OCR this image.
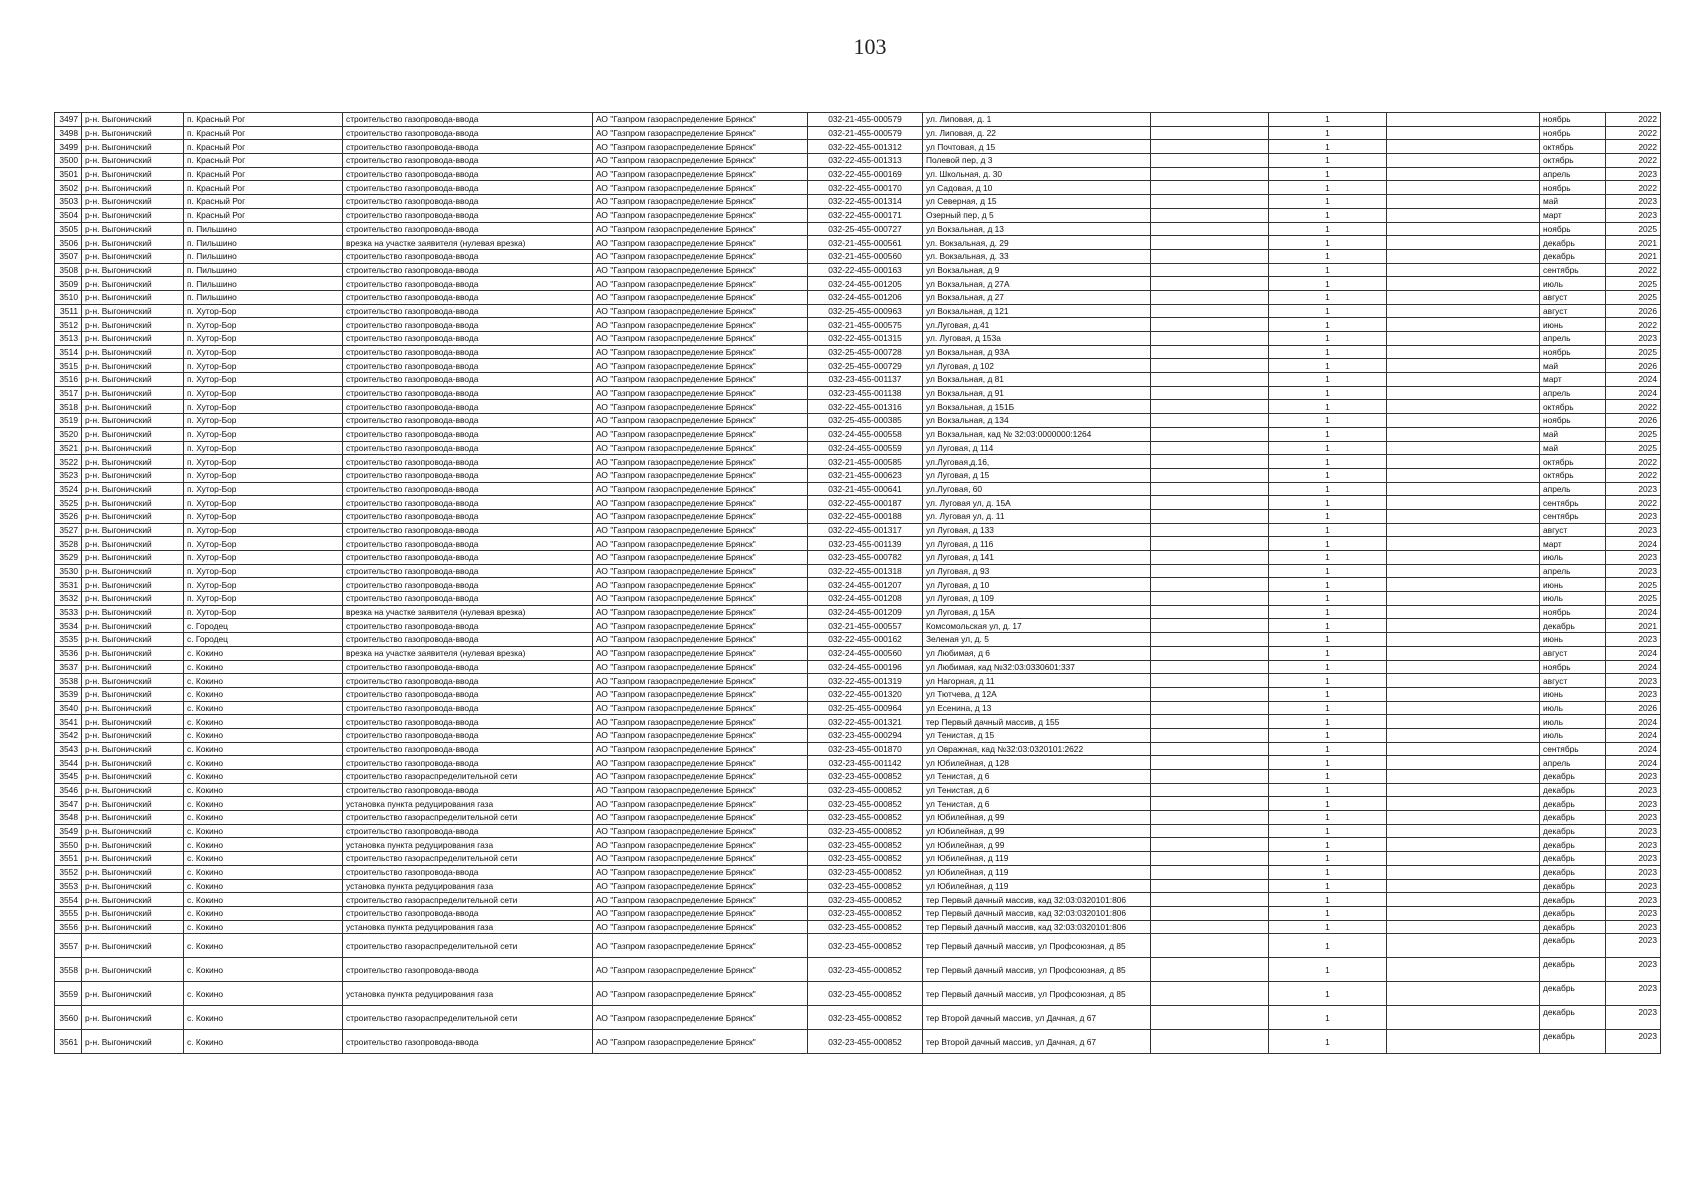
103
3497	р-н. Выгоничский	п. Красный Рог	строительство газопровода-ввода	АО "Газпром газораспределение Брянск"	032-21-455-000579	ул. Липовая, д. 1		1		ноябрь	2022
3498	р-н. Выгоничский	п. Красный Рог	строительство газопровода-ввода	АО "Газпром газораспределение Брянск"	032-21-455-000579	ул. Липовая, д. 22		1		ноябрь	2022
3499	р-н. Выгоничский	п. Красный Рог	строительство газопровода-ввода	АО "Газпром газораспределение Брянск"	032-22-455-001312	ул Почтовая, д 15		1		октябрь	2022
3500	р-н. Выгоничский	п. Красный Рог	строительство газопровода-ввода	АО "Газпром газораспределение Брянск"	032-22-455-001313	Полевой пер, д 3		1		октябрь	2022
3501	р-н. Выгоничский	п. Красный Рог	строительство газопровода-ввода	АО "Газпром газораспределение Брянск"	032-22-455-000169	ул. Школьная, д. 30		1		апрель	2023
3502	р-н. Выгоничский	п. Красный Рог	строительство газопровода-ввода	АО "Газпром газораспределение Брянск"	032-22-455-000170	ул Садовая, д 10		1		ноябрь	2022
3503	р-н. Выгоничский	п. Красный Рог	строительство газопровода-ввода	АО "Газпром газораспределение Брянск"	032-22-455-001314	ул Северная, д 15		1		май	2023
3504	р-н. Выгоничский	п. Красный Рог	строительство газопровода-ввода	АО "Газпром газораспределение Брянск"	032-22-455-000171	Озерный пер, д 5		1		март	2023
3505	р-н. Выгоничский	п. Пильшино	строительство газопровода-ввода	АО "Газпром газораспределение Брянск"	032-25-455-000727	ул Вокзальная, д 13		1		ноябрь	2025
3506	р-н. Выгоничский	п. Пильшино	врезка на участке заявителя (нулевая врезка)	АО "Газпром газораспределение Брянск"	032-21-455-000561	ул. Вокзальная, д. 29		1		декабрь	2021
3507	р-н. Выгоничский	п. Пильшино	строительство газопровода-ввода	АО "Газпром газораспределение Брянск"	032-21-455-000560	ул. Вокзальная, д. 33		1		декабрь	2021
3508	р-н. Выгоничский	п. Пильшино	строительство газопровода-ввода	АО "Газпром газораспределение Брянск"	032-22-455-000163	ул Вокзальная, д 9		1		сентябрь	2022
3509	р-н. Выгоничский	п. Пильшино	строительство газопровода-ввода	АО "Газпром газораспределение Брянск"	032-24-455-001205	ул Вокзальная, д 27А		1		июль	2025
3510	р-н. Выгоничский	п. Пильшино	строительство газопровода-ввода	АО "Газпром газораспределение Брянск"	032-24-455-001206	ул Вокзальная, д 27		1		август	2025
3511	р-н. Выгоничский	п. Хутор-Бор	строительство газопровода-ввода	АО "Газпром газораспределение Брянск"	032-25-455-000963	ул Вокзальная, д 121		1		август	2026
3512	р-н. Выгоничский	п. Хутор-Бор	строительство газопровода-ввода	АО "Газпром газораспределение Брянск"	032-21-455-000575	ул.Луговая, д.41		1		июнь	2022
3513	р-н. Выгоничский	п. Хутор-Бор	строительство газопровода-ввода	АО "Газпром газораспределение Брянск"	032-22-455-001315	ул. Луговая, д 153а		1		апрель	2023
3514	р-н. Выгоничский	п. Хутор-Бор	строительство газопровода-ввода	АО "Газпром газораспределение Брянск"	032-25-455-000728	ул Вокзальная, д 93А		1		ноябрь	2025
3515	р-н. Выгоничский	п. Хутор-Бор	строительство газопровода-ввода	АО "Газпром газораспределение Брянск"	032-25-455-000729	ул Луговая, д 102		1		май	2026
3516	р-н. Выгоничский	п. Хутор-Бор	строительство газопровода-ввода	АО "Газпром газораспределение Брянск"	032-23-455-001137	ул Вокзальная, д 81		1		март	2024
3517	р-н. Выгоничский	п. Хутор-Бор	строительство газопровода-ввода	АО "Газпром газораспределение Брянск"	032-23-455-001138	ул Вокзальная, д 91		1		апрель	2024
3518	р-н. Выгоничский	п. Хутор-Бор	строительство газопровода-ввода	АО "Газпром газораспределение Брянск"	032-22-455-001316	ул Вокзальная, д 151Б		1		октябрь	2022
3519	р-н. Выгоничский	п. Хутор-Бор	строительство газопровода-ввода	АО "Газпром газораспределение Брянск"	032-25-455-000385	ул Вокзальная, д 134		1		ноябрь	2026
3520	р-н. Выгоничский	п. Хутор-Бор	строительство газопровода-ввода	АО "Газпром газораспределение Брянск"	032-24-455-000558	ул Вокзальная, кад № 32:03:0000000:1264		1		май	2025
3521	р-н. Выгоничский	п. Хутор-Бор	строительство газопровода-ввода	АО "Газпром газораспределение Брянск"	032-24-455-000559	ул Луговая, д 114		1		май	2025
3522	р-н. Выгоничский	п. Хутор-Бор	строительство газопровода-ввода	АО "Газпром газораспределение Брянск"	032-21-455-000585	ул.Луговая,д.16,		1		октябрь	2022
3523	р-н. Выгоничский	п. Хутор-Бор	строительство газопровода-ввода	АО "Газпром газораспределение Брянск"	032-21-455-000623	ул Луговая, д 15		1		октябрь	2022
3524	р-н. Выгоничский	п. Хутор-Бор	строительство газопровода-ввода	АО "Газпром газораспределение Брянск"	032-21-455-000641	ул.Луговая, 60		1		апрель	2023
3525	р-н. Выгоничский	п. Хутор-Бор	строительство газопровода-ввода	АО "Газпром газораспределение Брянск"	032-22-455-000187	ул. Луговая ул, д. 15А		1		сентябрь	2022
3526	р-н. Выгоничский	п. Хутор-Бор	строительство газопровода-ввода	АО "Газпром газораспределение Брянск"	032-22-455-000188	ул. Луговая ул, д. 11		1		сентябрь	2023
3527	р-н. Выгоничский	п. Хутор-Бор	строительство газопровода-ввода	АО "Газпром газораспределение Брянск"	032-22-455-001317	ул Луговая, д 133		1		август	2023
3528	р-н. Выгоничский	п. Хутор-Бор	строительство газопровода-ввода	АО "Газпром газораспределение Брянск"	032-23-455-001139	ул Луговая, д 116		1		март	2024
3529	р-н. Выгоничский	п. Хутор-Бор	строительство газопровода-ввода	АО "Газпром газораспределение Брянск"	032-23-455-000782	ул Луговая, д 141		1		июль	2023
3530	р-н. Выгоничский	п. Хутор-Бор	строительство газопровода-ввода	АО "Газпром газораспределение Брянск"	032-22-455-001318	ул Луговая, д 93		1		апрель	2023
3531	р-н. Выгоничский	п. Хутор-Бор	строительство газопровода-ввода	АО "Газпром газораспределение Брянск"	032-24-455-001207	ул Луговая, д 10		1		июнь	2025
3532	р-н. Выгоничский	п. Хутор-Бор	строительство газопровода-ввода	АО "Газпром газораспределение Брянск"	032-24-455-001208	ул Луговая, д 109		1		июль	2025
3533	р-н. Выгоничский	п. Хутор-Бор	врезка на участке заявителя (нулевая врезка)	АО "Газпром газораспределение Брянск"	032-24-455-001209	ул Луговая, д 15А		1		ноябрь	2024
3534	р-н. Выгоничский	с. Городец	строительство газопровода-ввода	АО "Газпром газораспределение Брянск"	032-21-455-000557	Комсомольская ул, д. 17		1		декабрь	2021
3535	р-н. Выгоничский	с. Городец	строительство газопровода-ввода	АО "Газпром газораспределение Брянск"	032-22-455-000162	Зеленая ул, д. 5		1		июнь	2023
3536	р-н. Выгоничский	с. Кокино	врезка на участке заявителя (нулевая врезка)	АО "Газпром газораспределение Брянск"	032-24-455-000560	ул Любимая, д 6		1		август	2024
3537	р-н. Выгоничский	с. Кокино	строительство газопровода-ввода	АО "Газпром газораспределение Брянск"	032-24-455-000196	ул Любимая, кад №32:03:0330601:337		1		ноябрь	2024
3538	р-н. Выгоничский	с. Кокино	строительство газопровода-ввода	АО "Газпром газораспределение Брянск"	032-22-455-001319	ул Нагорная, д 11		1		август	2023
3539	р-н. Выгоничский	с. Кокино	строительство газопровода-ввода	АО "Газпром газораспределение Брянск"	032-22-455-001320	ул Тютчева, д 12А		1		июнь	2023
3540	р-н. Выгоничский	с. Кокино	строительство газопровода-ввода	АО "Газпром газораспределение Брянск"	032-25-455-000964	ул Есенина, д 13		1		июль	2026
3541	р-н. Выгоничский	с. Кокино	строительство газопровода-ввода	АО "Газпром газораспределение Брянск"	032-22-455-001321	тер Первый дачный массив, д 155		1		июль	2024
3542	р-н. Выгоничский	с. Кокино	строительство газопровода-ввода	АО "Газпром газораспределение Брянск"	032-23-455-000294	ул Тенистая, д 15		1		июль	2024
3543	р-н. Выгоничский	с. Кокино	строительство газопровода-ввода	АО "Газпром газораспределение Брянск"	032-23-455-001870	ул Овражная, кад №32:03:0320101:2622		1		сентябрь	2024
3544	р-н. Выгоничский	с. Кокино	строительство газопровода-ввода	АО "Газпром газораспределение Брянск"	032-23-455-001142	ул Юбилейная, д 128		1		апрель	2024
3545	р-н. Выгоничский	с. Кокино	строительство газораспределительной сети	АО "Газпром газораспределение Брянск"	032-23-455-000852	ул Тенистая, д 6		1		декабрь	2023
3546	р-н. Выгоничский	с. Кокино	строительство газопровода-ввода	АО "Газпром газораспределение Брянск"	032-23-455-000852	ул Тенистая, д 6		1		декабрь	2023
3547	р-н. Выгоничский	с. Кокино	установка пункта редуцирования газа	АО "Газпром газораспределение Брянск"	032-23-455-000852	ул Тенистая, д 6		1		декабрь	2023
3548	р-н. Выгоничский	с. Кокино	строительство газораспределительной сети	АО "Газпром газораспределение Брянск"	032-23-455-000852	ул Юбилейная, д 99		1		декабрь	2023
3549	р-н. Выгоничский	с. Кокино	строительство газопровода-ввода	АО "Газпром газораспределение Брянск"	032-23-455-000852	ул Юбилейная, д 99		1		декабрь	2023
3550	р-н. Выгоничский	с. Кокино	установка пункта редуцирования газа	АО "Газпром газораспределение Брянск"	032-23-455-000852	ул Юбилейная, д 99		1		декабрь	2023
3551	р-н. Выгоничский	с. Кокино	строительство газораспределительной сети	АО "Газпром газораспределение Брянск"	032-23-455-000852	ул Юбилейная, д 119		1		декабрь	2023
3552	р-н. Выгоничский	с. Кокино	строительство газопровода-ввода	АО "Газпром газораспределение Брянск"	032-23-455-000852	ул Юбилейная, д 119		1		декабрь	2023
3553	р-н. Выгоничский	с. Кокино	установка пункта редуцирования газа	АО "Газпром газораспределение Брянск"	032-23-455-000852	ул Юбилейная, д 119		1		декабрь	2023
3554	р-н. Выгоничский	с. Кокино	строительство газораспределительной сети	АО "Газпром газораспределение Брянск"	032-23-455-000852	тер Первый дачный массив, кад 32:03:0320101:806		1		декабрь	2023
3555	р-н. Выгоничский	с. Кокино	строительство газопровода-ввода	АО "Газпром газораспределение Брянск"	032-23-455-000852	тер Первый дачный массив, кад 32:03:0320101:806		1		декабрь	2023
3556	р-н. Выгоничский	с. Кокино	установка пункта редуцирования газа	АО "Газпром газораспределение Брянск"	032-23-455-000852	тер Первый дачный массив, кад 32:03:0320101:806		1		декабрь	2023
3557	р-н. Выгоничский	с. Кокино	строительство газораспределительной сети	АО "Газпром газораспределение Брянск"	032-23-455-000852	тер Первый дачный массив, ул Профсоюзная, д 85		1		декабрь	2023
3558	р-н. Выгоничский	с. Кокино	строительство газопровода-ввода	АО "Газпром газораспределение Брянск"	032-23-455-000852	тер Первый дачный массив, ул Профсоюзная, д 85		1		декабрь	2023
3559	р-н. Выгоничский	с. Кокино	установка пункта редуцирования газа	АО "Газпром газораспределение Брянск"	032-23-455-000852	тер Первый дачный массив, ул Профсоюзная, д 85		1		декабрь	2023
3560	р-н. Выгоничский	с. Кокино	строительство газораспределительной сети	АО "Газпром газораспределение Брянск"	032-23-455-000852	тер Второй дачный массив, ул Дачная, д 67		1		декабрь	2023
3561	р-н. Выгоничский	с. Кокино	строительство газопровода-ввода	АО "Газпром газораспределение Брянск"	032-23-455-000852	тер Второй дачный массив, ул Дачная, д 67		1		декабрь	2023
